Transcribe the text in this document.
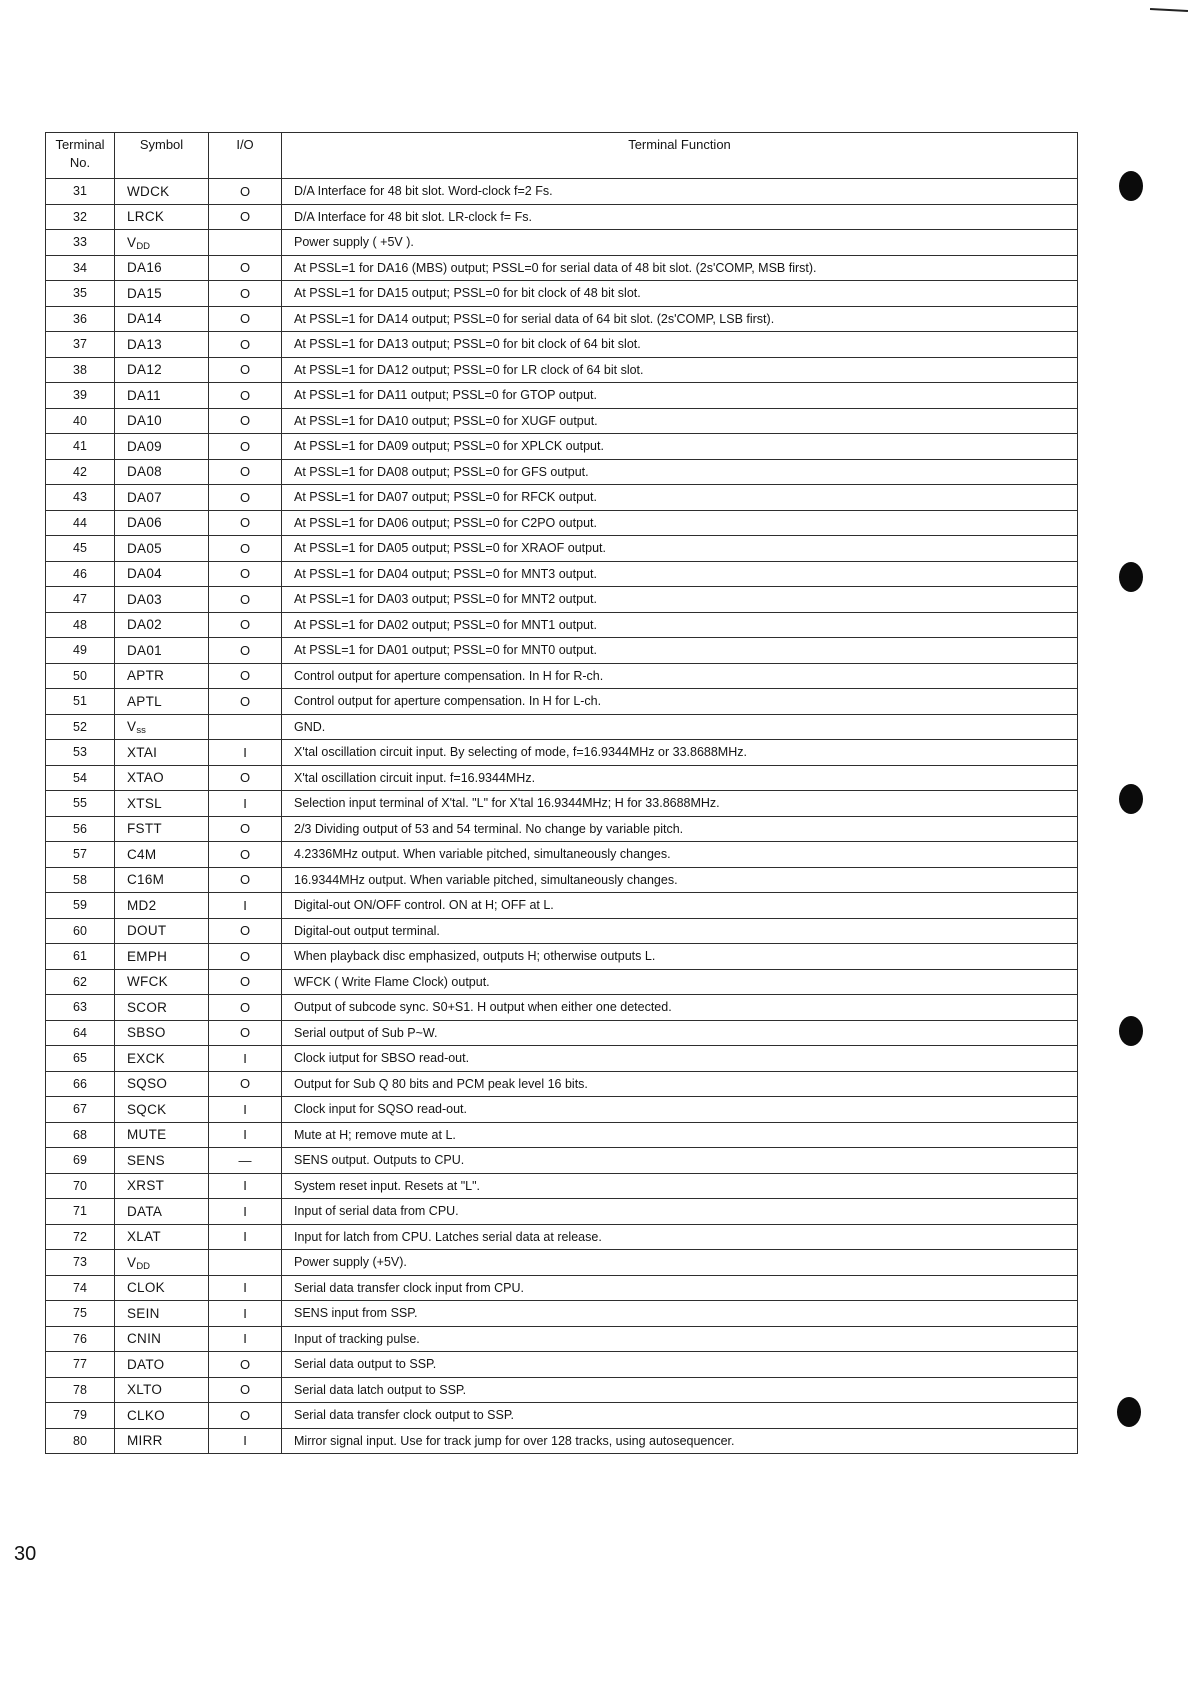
Terminal
No.	Symbol	I/O	Terminal Function
31	WDCK	O	D/A Interface for 48 bit slot. Word-clock f=2 Fs.
32	LRCK	O	D/A Interface for 48 bit slot. LR-clock f= Fs.
33	VDD		Power supply ( +5V ).
34	DA16	O	At PSSL=1 for DA16 (MBS) output; PSSL=0 for serial data of 48 bit slot. (2s'COMP, MSB first).
35	DA15	O	At PSSL=1 for DA15 output; PSSL=0 for bit clock of 48 bit slot.
36	DA14	O	At PSSL=1 for DA14 output; PSSL=0 for serial data of 64 bit slot. (2s'COMP, LSB first).
37	DA13	O	At PSSL=1 for DA13 output; PSSL=0 for bit clock of 64 bit slot.
38	DA12	O	At PSSL=1 for DA12 output; PSSL=0 for LR clock of 64 bit slot.
39	DA11	O	At PSSL=1 for DA11 output; PSSL=0 for GTOP output.
40	DA10	O	At PSSL=1 for DA10 output; PSSL=0 for XUGF output.
41	DA09	O	At PSSL=1 for DA09 output; PSSL=0 for XPLCK output.
42	DA08	O	At PSSL=1 for DA08 output; PSSL=0 for GFS output.
43	DA07	O	At PSSL=1 for DA07 output; PSSL=0 for RFCK output.
44	DA06	O	At PSSL=1 for DA06 output; PSSL=0 for C2PO output.
45	DA05	O	At PSSL=1 for DA05 output; PSSL=0 for XRAOF output.
46	DA04	O	At PSSL=1 for DA04 output; PSSL=0 for MNT3 output.
47	DA03	O	At PSSL=1 for DA03 output; PSSL=0 for MNT2 output.
48	DA02	O	At PSSL=1 for DA02 output; PSSL=0 for MNT1 output.
49	DA01	O	At PSSL=1 for DA01 output; PSSL=0 for MNT0 output.
50	APTR	O	Control output for aperture compensation. In H for R-ch.
51	APTL	O	Control output for aperture compensation. In H for L-ch.
52	Vss		GND.
53	XTAI	I	X'tal oscillation circuit input. By selecting of mode, f=16.9344MHz or 33.8688MHz.
54	XTAO	O	X'tal oscillation circuit input. f=16.9344MHz.
55	XTSL	I	Selection input terminal of X'tal. "L" for X'tal 16.9344MHz; H for 33.8688MHz.
56	FSTT	O	2/3 Dividing output of 53 and 54 terminal. No change by variable pitch.
57	C4M	O	4.2336MHz output. When variable pitched, simultaneously changes.
58	C16M	O	16.9344MHz output. When variable pitched, simultaneously changes.
59	MD2	I	Digital-out ON/OFF control. ON at H; OFF at L.
60	DOUT	O	Digital-out output terminal.
61	EMPH	O	When playback disc emphasized, outputs H; otherwise outputs L.
62	WFCK	O	WFCK ( Write Flame Clock) output.
63	SCOR	O	Output of subcode sync. S0+S1. H output when either one detected.
64	SBSO	O	Serial output of Sub P~W.
65	EXCK	I	Clock iutput for SBSO read-out.
66	SQSO	O	Output for Sub Q 80 bits and PCM peak level 16 bits.
67	SQCK	I	Clock input for SQSO read-out.
68	MUTE	I	Mute at H; remove mute at L.
69	SENS	—	SENS output. Outputs to CPU.
70	XRST	I	System reset input. Resets at "L".
71	DATA	I	Input of serial data from CPU.
72	XLAT	I	Input for latch from CPU. Latches serial data at release.
73	VDD		Power supply (+5V).
74	CLOK	I	Serial data transfer clock input from CPU.
75	SEIN	I	SENS input from SSP.
76	CNIN	I	Input of tracking pulse.
77	DATO	O	Serial data output to SSP.
78	XLTO	O	Serial data latch output to SSP.
79	CLKO	O	Serial data transfer clock output to SSP.
80	MIRR	I	Mirror signal input. Use for track jump for over 128 tracks, using autosequencer.
30
